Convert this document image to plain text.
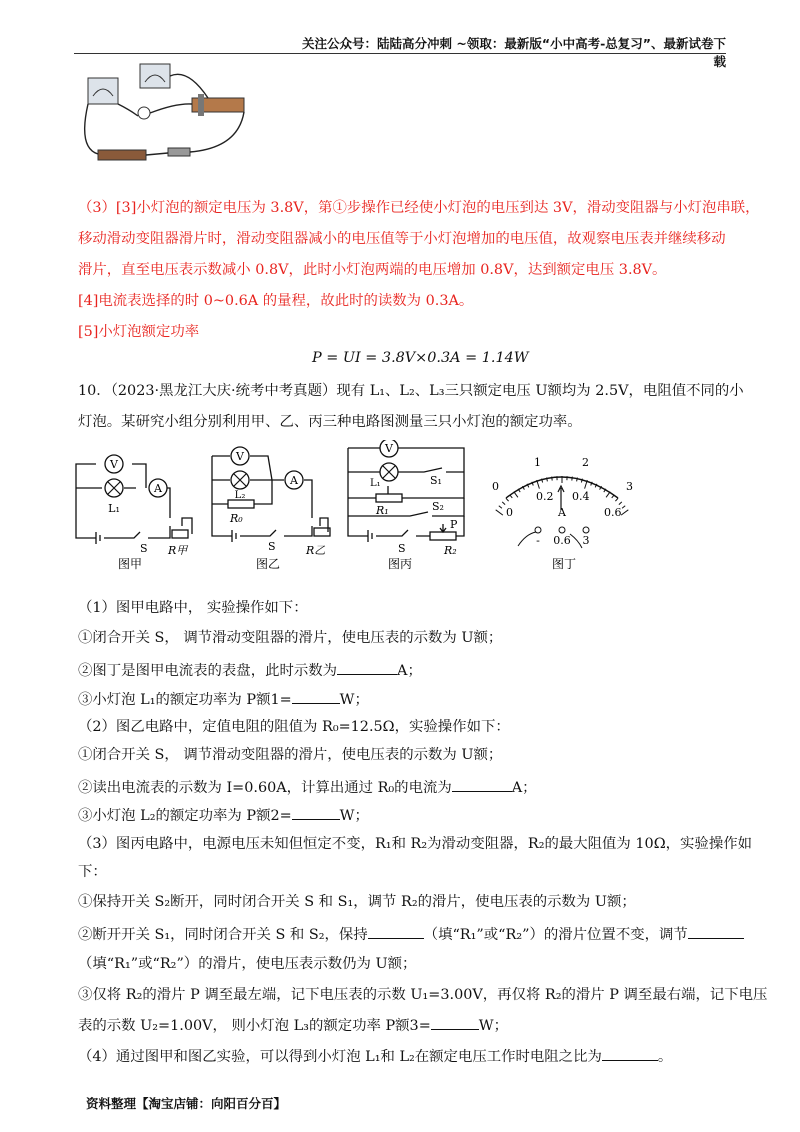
关注公众号：陆陆高分冲刺 ~领取：最新版“小中高考-总复习”、最新试卷下载
（3）[3]小灯泡的额定电压为 3.8V，第①步操作已经使小灯泡的电压到达 3V，滑动变阻器与小灯泡串联，
移动滑动变阻器滑片时，滑动变阻器减小的电压值等于小灯泡增加的电压值，故观察电压表并继续移动
滑片，直至电压表示数减小 0.8V，此时小灯泡两端的电压增加 0.8V，达到额定电压 3.8V。
[4]电流表选择的时 0~0.6A 的量程，故此时的读数为 0.3A。
[5]小灯泡额定功率
P = UI = 3.8V×0.3A = 1.14W
10．（2023·黑龙江大庆·统考中考真题）现有 L₁、L₂、L₃三只额定电压 U额均为 2.5V，电阻值不同的小
灯泡。某研究小组分别利用甲、乙、丙三种电路图测量三只小灯泡的额定功率。
V
A
L₁
S R甲
图甲
V
A
L₂
R₀
S	R乙
图乙
V
L₁	S₁
R₁	S₂
P
S	R₂
图丙
0
1	2
3
0
0.2 0.4
0.6
A
- 0.6 3
图丁
（1）图甲电路中， 实验操作如下：
①闭合开关 S， 调节滑动变阻器的滑片，使电压表的示数为 U额；
②图丁是图甲电流表的表盘，此时示数为	A；
③小灯泡 L₁的额定功率为 P额1=	W；
（2）图乙电路中，定值电阻的阻值为 R₀=12.5Ω，实验操作如下：
①闭合开关 S， 调节滑动变阻器的滑片，使电压表的示数为 U额；
②读出电流表的示数为 I=0.60A，计算出通过 R₀的电流为	A；
③小灯泡 L₂的额定功率为 P额2=	W；
（3）图丙电路中，电源电压未知但恒定不变，R₁和 R₂为滑动变阻器，R₂的最大阻值为 10Ω，实验操作如
下：
①保持开关 S₂断开，同时闭合开关 S 和 S₁，调节 R₂的滑片，使电压表的示数为 U额；
②断开开关 S₁，同时闭合开关 S 和 S₂，保持	（填“R₁”或“R₂”）的滑片位置不变，调节
（填“R₁”或“R₂”）的滑片，使电压表示数仍为 U额；
③仅将 R₂的滑片 P 调至最左端，记下电压表的示数 U₁=3.00V，再仅将 R₂的滑片 P 调至最右端，记下电压
表的示数 U₂=1.00V， 则小灯泡 L₃的额定功率 P额3=	W；
（4）通过图甲和图乙实验，可以得到小灯泡 L₁和 L₂在额定电压工作时电阻之比为	。
资料整理【淘宝店铺：向阳百分百】
